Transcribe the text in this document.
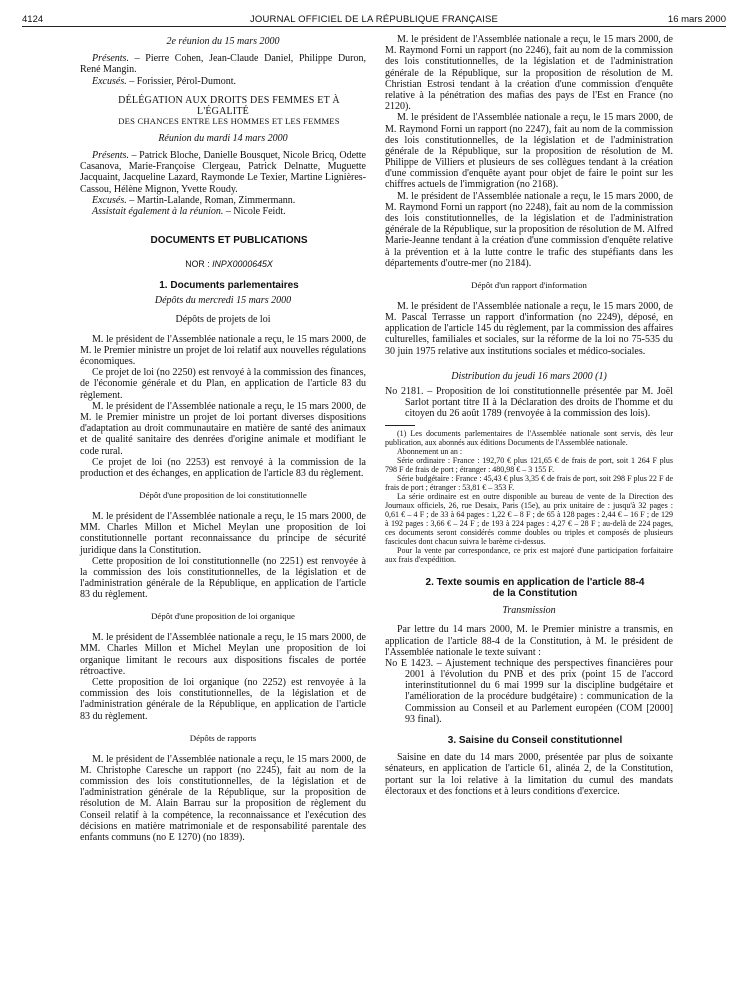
4124	JOURNAL OFFICIEL DE LA RÉPUBLIQUE FRANÇAISE	16 mars 2000

2e réunion du 15 mars 2000

Présents. – Pierre Cohen, Jean-Claude Daniel, Philippe Duron, René Mangin.

Excusés. – Forissier, Pérol-Dumont.

DÉLÉGATION AUX DROITS DES FEMMES ET À L'ÉGALITÉ

DES CHANCES ENTRE LES HOMMES ET LES FEMMES

Réunion du mardi 14 mars 2000

Présents. – Patrick Bloche, Danielle Bousquet, Nicole Bricq, Odette Casanova, Marie-Françoise Clergeau, Patrick Delnatte, Muguette Jacquaint, Jacqueline Lazard, Raymonde Le Texier, Martine Lignières-Cassou, Hélène Mignon, Yvette Roudy.

Excusés. – Martin-Lalande, Roman, Zimmermann.

Assistait également à la réunion. – Nicole Feidt.

DOCUMENTS ET PUBLICATIONS

NOR : INPX0000645X

1. Documents parlementaires

Dépôts du mercredi 15 mars 2000

Dépôts de projets de loi

M. le président de l'Assemblée nationale a reçu, le 15 mars 2000, de M. le Premier ministre un projet de loi relatif aux nouvelles régulations économiques.

Ce projet de loi (no 2250) est renvoyé à la commission des finances, de l'économie générale et du Plan, en application de l'article 83 du règlement.

M. le président de l'Assemblée nationale a reçu, le 15 mars 2000, de M. le Premier ministre un projet de loi portant diverses dispositions d'adaptation au droit communautaire en matière de santé des animaux et de qualité sanitaire des denrées d'origine animale et modifiant le code rural.

Ce projet de loi (no 2253) est renvoyé à la commission de la production et des échanges, en application de l'article 83 du règlement.

Dépôt d'une proposition de loi constitutionnelle

M. le président de l'Assemblée nationale a reçu, le 15 mars 2000, de MM. Charles Millon et Michel Meylan une proposition de loi constitutionnelle portant reconnaissance du principe de sécurité juridique dans la Constitution.

Cette proposition de loi constitutionnelle (no 2251) est renvoyée à la commission des lois constitutionnelles, de la législation et de l'administration générale de la République, en application de l'article 83 du règlement.

Dépôt d'une proposition de loi organique

M. le président de l'Assemblée nationale a reçu, le 15 mars 2000, de MM. Charles Millon et Michel Meylan une proposition de loi organique limitant le recours aux dispositions fiscales de portée rétroactive.

Cette proposition de loi organique (no 2252) est renvoyée à la commission des lois constitutionnelles, de la législation et de l'administration générale de la République, en application de l'article 83 du règlement.

Dépôts de rapports

M. le président de l'Assemblée nationale a reçu, le 15 mars 2000, de M. Christophe Caresche un rapport (no 2245), fait au nom de la commission des lois constitutionnelles, de la législation et de l'administration générale de la République, sur la proposition de résolution de M. Alain Barrau sur la proposition de règlement du Conseil relatif à la compétence, la reconnaissance et l'exécution des décisions en matière matrimoniale et de responsabilité parentale des enfants communs (no E 1270) (no 1839).

M. le président de l'Assemblée nationale a reçu, le 15 mars 2000, de M. Raymond Forni un rapport (no 2246), fait au nom de la commission des lois constitutionnelles, de la législation et de l'administration générale de la République, sur la proposition de résolution de M. Christian Estrosi tendant à la création d'une commission d'enquête relative à la pénétration des mafias des pays de l'Est en France (no 2120).

M. le président de l'Assemblée nationale a reçu, le 15 mars 2000, de M. Raymond Forni un rapport (no 2247), fait au nom de la commission des lois constitutionnelles, de la législation et de l'administration générale de la République, sur la proposition de résolution de M. Philippe de Villiers et plusieurs de ses collègues tendant à la création d'une commission d'enquête ayant pour objet de faire le point sur les chiffres actuels de l'immigration (no 2168).

M. le président de l'Assemblée nationale a reçu, le 15 mars 2000, de M. Raymond Forni un rapport (no 2248), fait au nom de la commission des lois constitutionnelles, de la législation et de l'administration générale de la République, sur la proposition de résolution de M. Alfred Marie-Jeanne tendant à la création d'une commission d'enquête relative à la prévention et à la lutte contre le trafic des stupéfiants dans les départements d'outre-mer (no 2184).

Dépôt d'un rapport d'information

M. le président de l'Assemblée nationale a reçu, le 15 mars 2000, de M. Pascal Terrasse un rapport d'information (no 2249), déposé, en application de l'article 145 du règlement, par la commission des affaires culturelles, familiales et sociales, sur la réforme de la loi no 75-535 du 30 juin 1975 relative aux institutions sociales et médico-sociales.

Distribution du jeudi 16 mars 2000 (1)

No 2181. – Proposition de loi constitutionnelle présentée par M. Joël Sarlot portant titre II à la Déclaration des droits de l'homme et du citoyen du 26 août 1789 (renvoyée à la commission des lois).

(1) Les documents parlementaires de l'Assemblée nationale sont servis, dès leur publication, aux abonnés aux éditions Documents de l'Assemblée nationale.

Abonnement un an :

Série ordinaire : France : 192,70 € plus 121,65 € de frais de port, soit 1 264 F plus 798 F de frais de port ; étranger : 480,98 € – 3 155 F.

Série budgétaire : France : 45,43 € plus 3,35 € de frais de port, soit 298 F plus 22 F de frais de port ; étranger : 53,81 € – 353 F.

La série ordinaire est en outre disponible au bureau de vente de la Direction des Journaux officiels, 26, rue Desaix, Paris (15e), au prix unitaire de : jusqu'à 32 pages : 0,61 € – 4 F ; de 33 à 64 pages : 1,22 € – 8 F ; de 65 à 128 pages : 2,44 € – 16 F ; de 129 à 192 pages : 3,66 € – 24 F ; de 193 à 224 pages : 4,27 € – 28 F ; au-delà de 224 pages, ces documents seront considérés comme doubles ou triples et composés de plusieurs fascicules dont chacun suivra le barème ci-dessus.

Pour la vente par correspondance, ce prix est majoré d'une participation forfaitaire aux frais d'expédition.

2. Texte soumis en application de l'article 88-4

de la Constitution

Transmission

Par lettre du 14 mars 2000, M. le Premier ministre a transmis, en application de l'article 88-4 de la Constitution, à M. le président de l'Assemblée nationale le texte suivant :

No E 1423. – Ajustement technique des perspectives financières pour 2001 à l'évolution du PNB et des prix (point 15 de l'accord interinstitutionnel du 6 mai 1999 sur la discipline budgétaire et l'amélioration de la procédure budgétaire) : communication de la Commission au Conseil et au Parlement européen (COM [2000] 93 final).

3. Saisine du Conseil constitutionnel

Saisine en date du 14 mars 2000, présentée par plus de soixante sénateurs, en application de l'article 61, alinéa 2, de la Constitution, portant sur la loi relative à la limitation du cumul des mandats électoraux et des fonctions et à leurs conditions d'exercice.
